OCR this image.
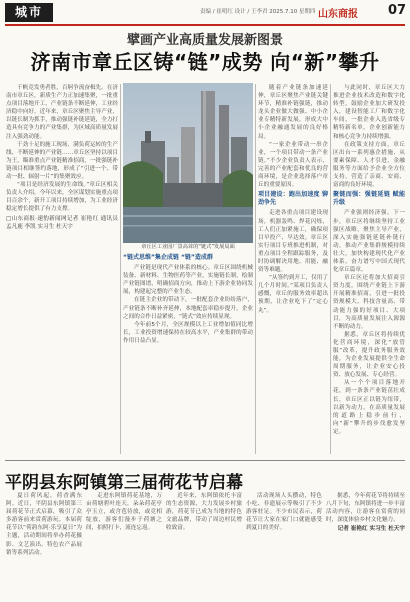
城市	责编 / 崔明红 设计 / 王李君 2025.7.10 星期四 山东商报 07
擘画产业高质量发展新图景
济南市章丘区铸“链”成势 向“新”攀升

千帆竞发勇者胜，百舸争流奋楫先。在济南市章丘区，新质生产力正加速集聚，一批重点项目落地开工，产业链条不断延伸，工业经济稳中向好。近年来，章丘区聚焦主导产业，以链长制为抓手，推动强链补链延链，全力打造具有竞争力的产业集群，为区域高质量发展注入强劲动能。

干劲十足的施工现场、满负荷运转的生产线、不断延伸的产业链……章丘区坚持以项目为王，瞄准重点产业链精准招商，一批强链补链项目相继签约落地，形成了“引进一个、带动一批、辐射一片”的集聚效应。

“项目是经济发展的生命线。”章丘区相关负责人介绍，今年以来，全区谋划实施重点项目百余个，新开工项目持续增加，为工业经济稳定增长提供了有力支撑。

□山东商报·速豹新闻网记者 崔艳红 通讯员 孟凡鹿 李凯 实习生 杜天宇

章丘区工业园厂景高耸的“链式”发展局面

“链式思维”集企成链 “链”造成群

产业链是现代产业体系的核心。章丘区围绕机械装备、新材料、生物医药等产业，实施链长制，绘制产业链图谱，明确招商方向，推动上下游企业协同发展，构建起完整的产业生态。

在链主企业的带动下，一批配套企业纷纷落户，产业链条不断补齐延伸，本地配套率稳步提升，企业之间的合作日益紧密，“链式”效应持续显现。

今年前5个月，全区规模以上工业增加值同比增长，工业投资增速保持在较高水平，产业集群的带动作用日益凸显。

随着产业链条加速延伸，章丘区聚焦产业链关键环节，精准补链强链，推动龙头企业做大做强、中小企业专精特新发展，形成大中小企业融通发展的良好格局。

“一家企业带动一串企业，一个项目带动一条产业链。”不少企业负责人表示，完善的产业配套和优良的营商环境，是企业选择落户章丘的重要原因。

项目建设：跑出加速度 铆劲争先

走进各重点项目建设现场，机器轰鸣、焊花闪烁，工人们正加紧施工，确保项目早投产、早达效。章丘区实行项目专班推进机制，对重点项目全程跟踪服务，及时协调解决用地、用能、融资等难题。

“从签约到开工，仅用了几个月时间。”某项目负责人感慨，章丘的服务效率超出预期，让企业吃下了“定心丸”。

与此同时，章丘区大力推进企业技术改造和数字化转型，鼓励企业加大研发投入，建设智能工厂和数字化车间，一批企业入选省级专精特新名单，企业创新能力和核心竞争力持续增强。

在政策支持方面，章丘区出台一系列惠企措施，从要素保障、人才引进、金融服务等方面给予企业全方位支持，营造了亲商、安商、富商的良好环境。

聚链而强：强链延链 赋能升级

产业强则经济强。下一步，章丘区将继续坚持工业强区战略，聚焦主导产业，深入实施强链延链补链行动，推动产业集群规模持续壮大，加快构建现代化产业体系，奋力谱写中国式现代化章丘篇章。

章丘区还将加大招商引资力度，围绕产业链上下游开展精准招商，引进一批投资规模大、科技含量高、带动能力强的好项目、大项目，为高质量发展注入源源不断的动力。

据悉，章丘区将持续优化营商环境，深化“放管服”改革，提升政务服务效能，为企业发展提供全生命周期服务，让企业安心投资、放心发展、专心经营。

从一个个项目落地开花，到一条条产业链茁壮成长，章丘区正以链为纽带，以新为动力，在高质量发展的道路上稳步前行，向“新”攀升的步伐愈发坚定。

平阴县东阿镇第三届荷花节启幕

夏日荷风起，荷香满东阿。近日，平阴县东阿镇第三届荷花节正式启幕，吸引了众多游客前来赏荷游玩。本届荷花节以“荷韵东阿·乐享夏日”为主题，活动期间将举办荷花摄影、文艺演出、特色农产品展销等系列活动。

走进东阿镇荷花基地，万亩荷塘碧叶连天，朵朵荷花亭亭玉立，或含苞待放，或竞相绽放，游客们漫步于荷塘之间，拍照打卡，流连忘返。

近年来，东阿镇依托丰富的生态资源，大力发展乡村旅游，荷花节已成为当地的特色文旅品牌，带动了周边村民增收致富。

活动现场人头攒动，特色小吃、非遗展示等吸引了不少游客驻足。不少市民表示，荷花节让大家在家门口就能感受到夏日的美好。

据悉，今年荷花节将持续至八月下旬，东阿镇将进一步丰富活动内容，让游客在赏荷的同时，深度体验乡村文化魅力。

记者 崔艳红 实习生 杜天宇
